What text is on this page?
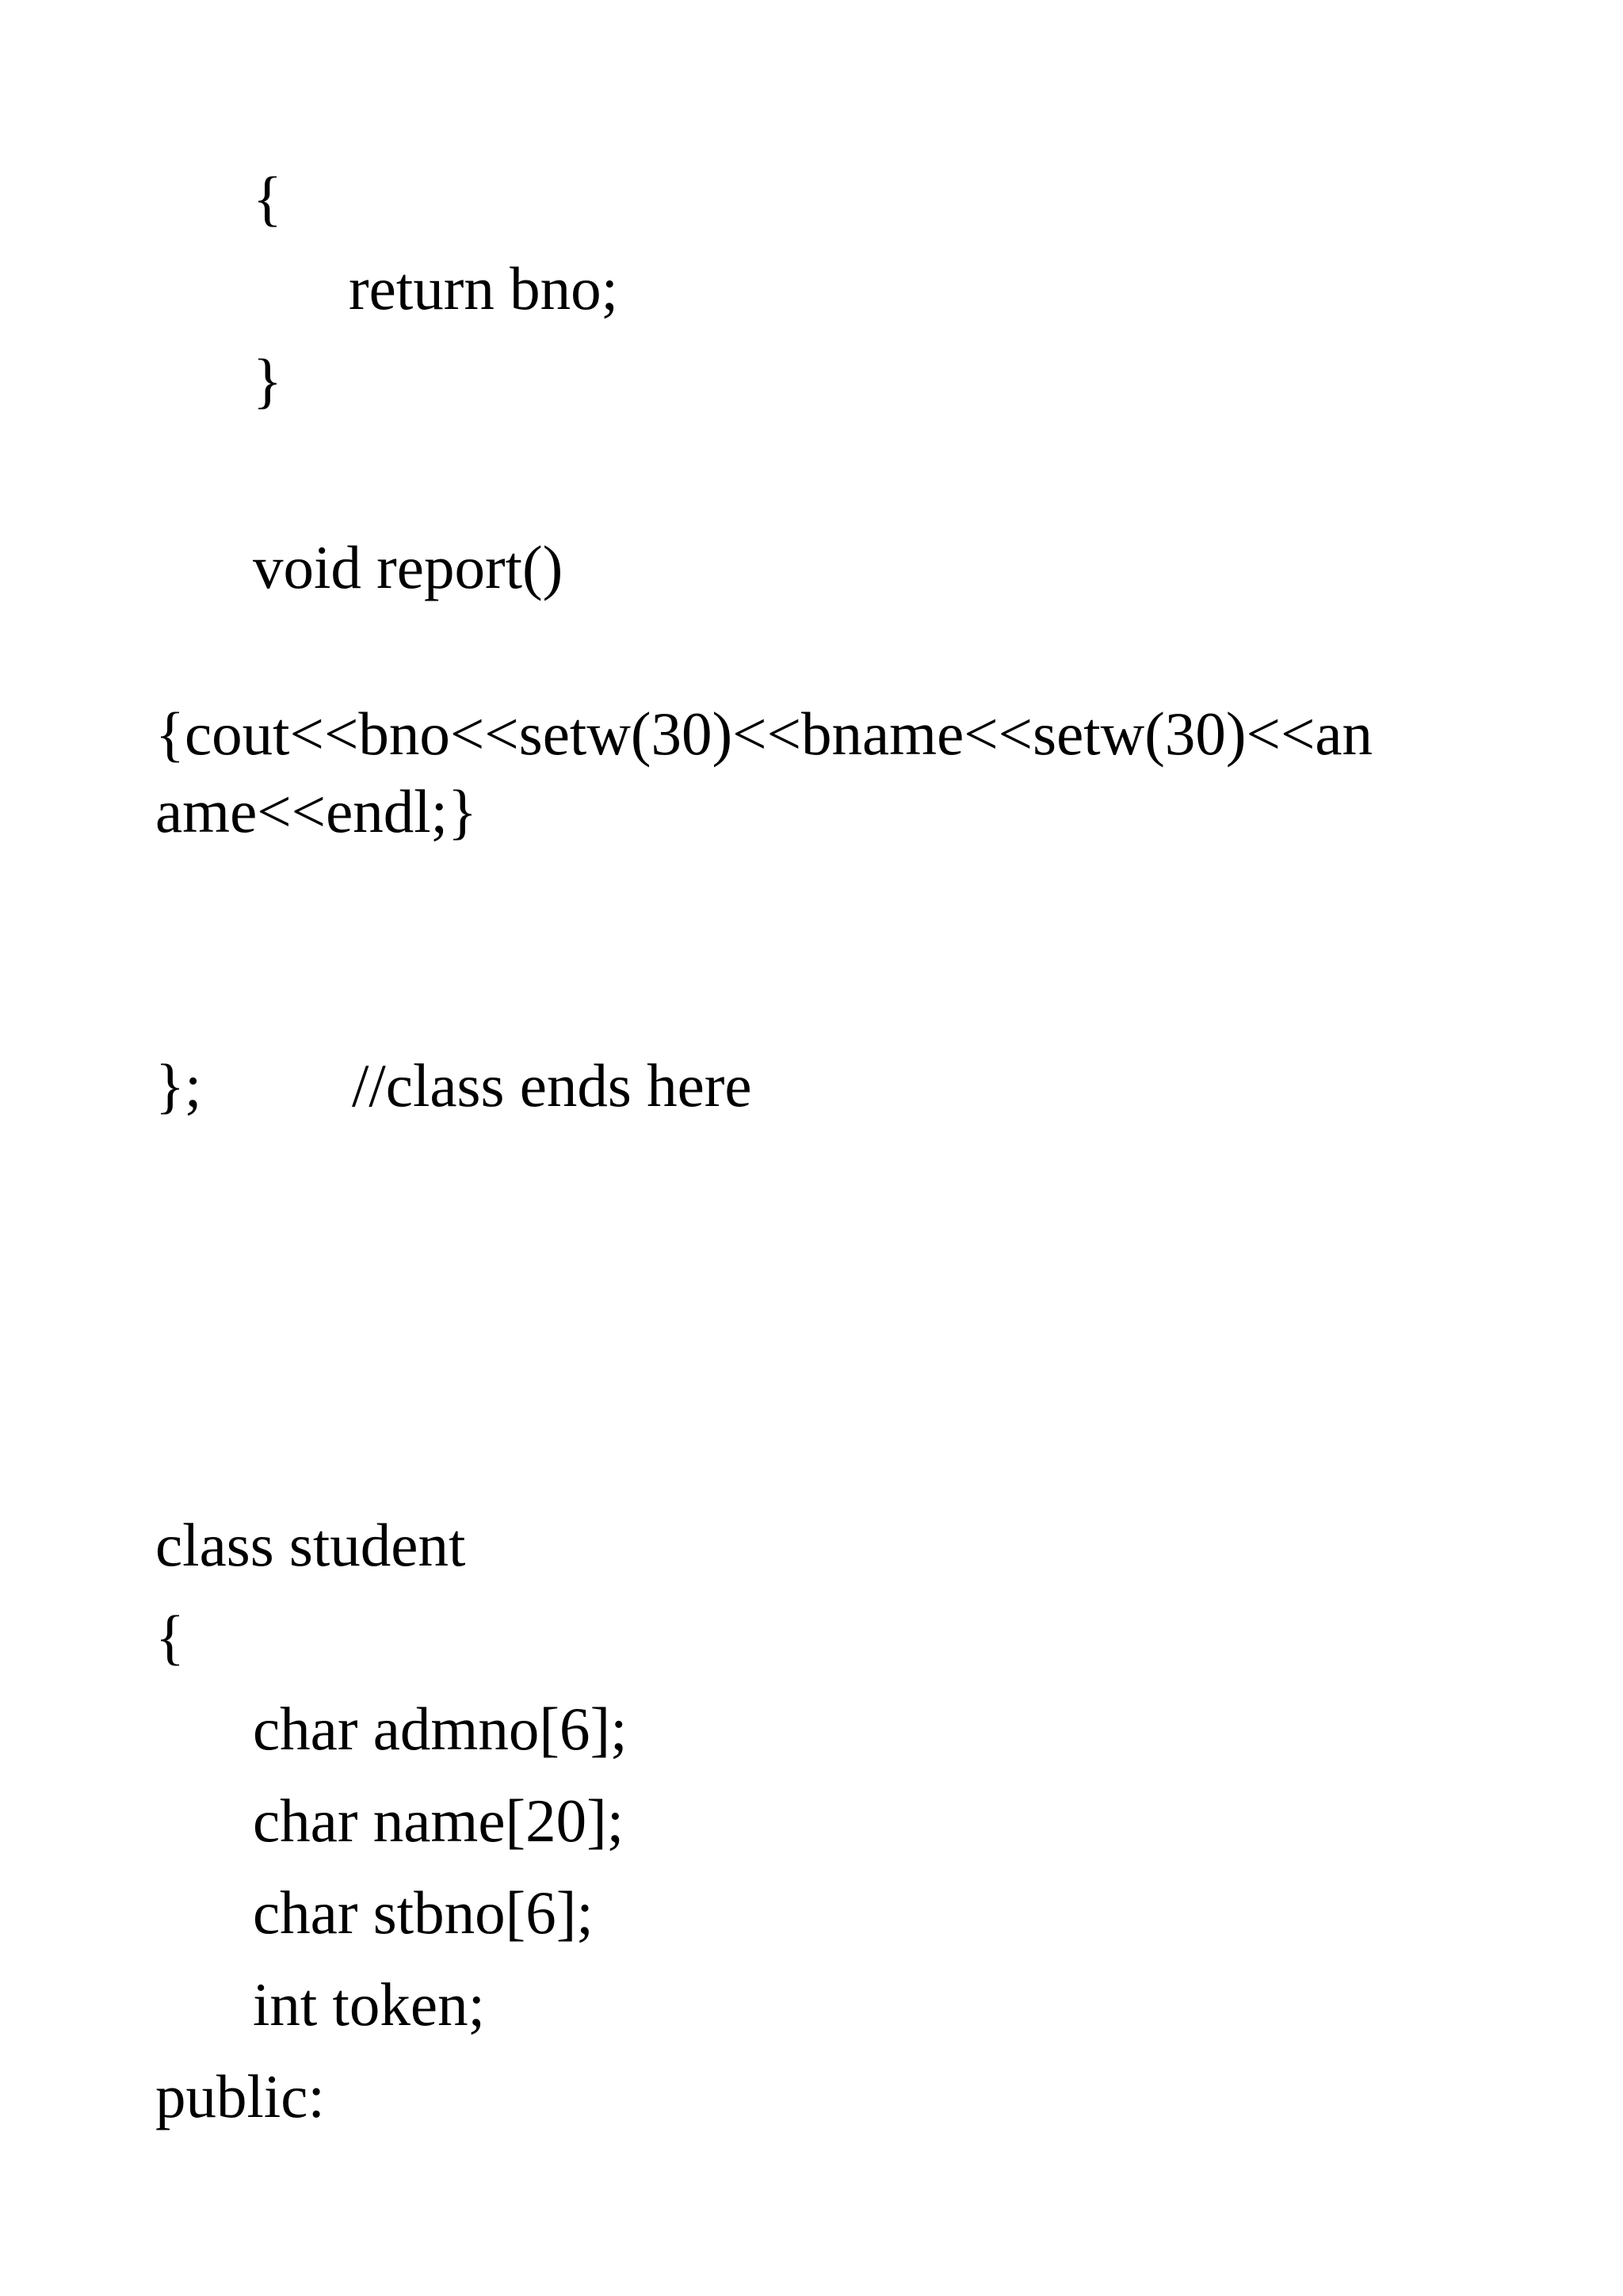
{
return bno;
}
void report()
{cout<<bno<<setw(30)<<bname<<setw(30)<<an
ame<<endl;}
}; //class ends here
class student
{
char admno[6];
char name[20];
char stbno[6];
int token;
public:
